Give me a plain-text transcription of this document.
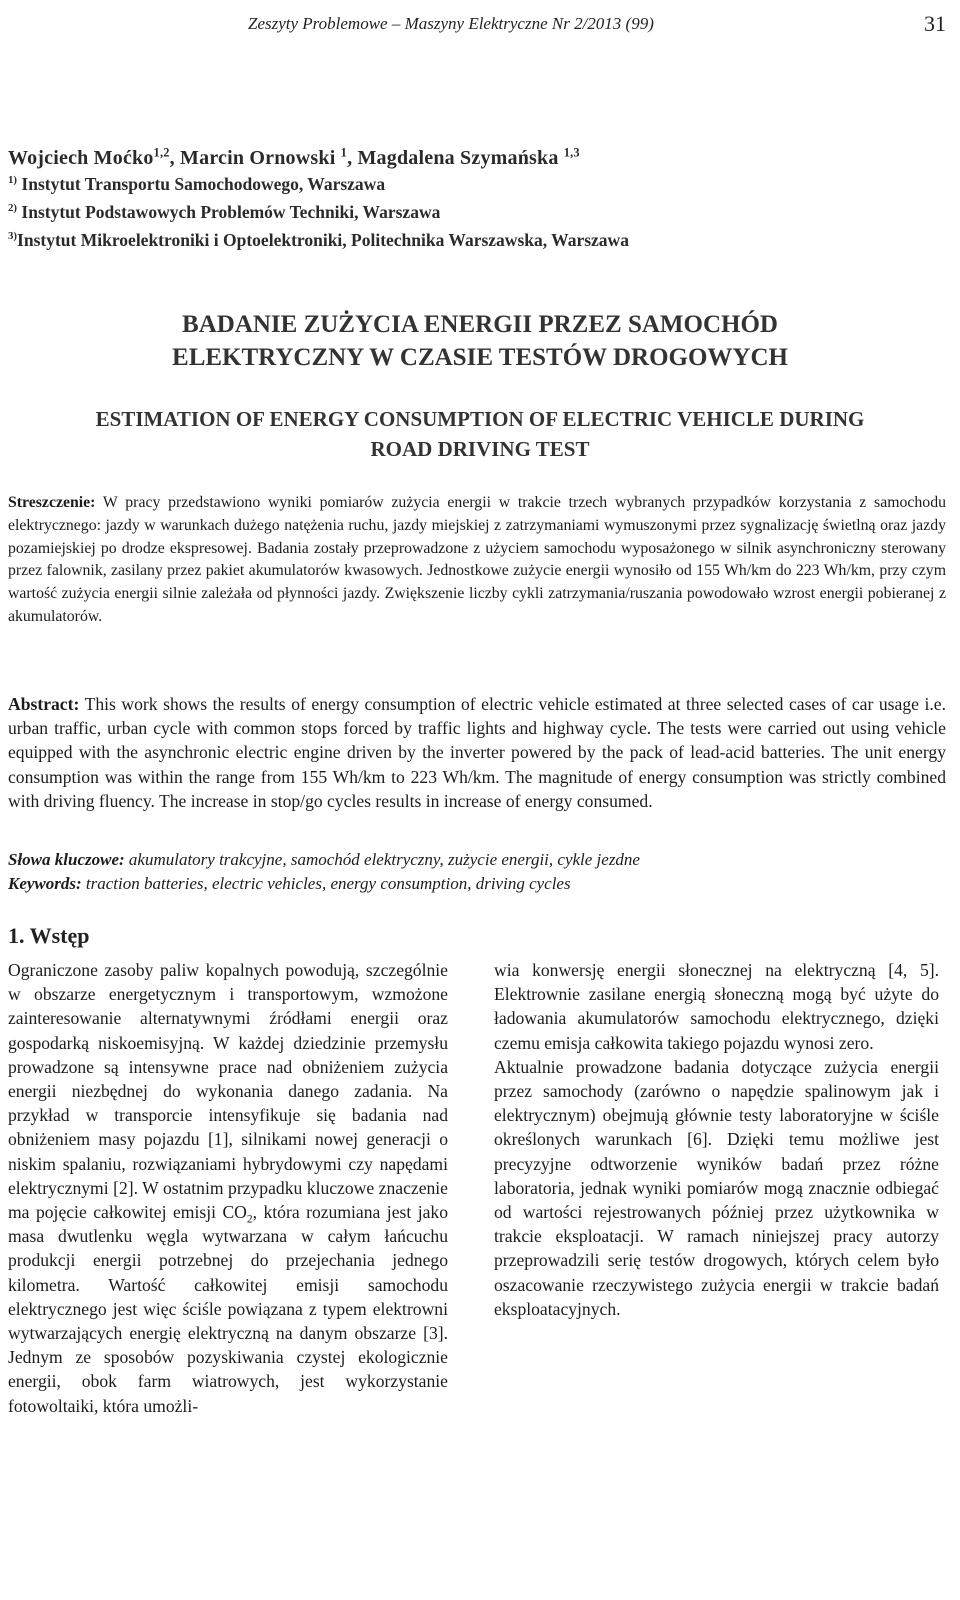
Zeszyty Problemowe – Maszyny Elektryczne Nr 2/2013 (99)	31
Wojciech Moćko$^{1,2}$, Marcin Ornowski $^1$, Magdalena Szymańska $^{1,3}$
$^{1)}$ Instytut Transportu Samochodowego, Warszawa
$^{2)}$ Instytut Podstawowych Problemów Techniki, Warszawa
$^{3)}$Instytut Mikroelektroniki i Optoelektroniki, Politechnika Warszawska, Warszawa
BADANIE ZUŻYCIA ENERGII PRZEZ SAMOCHÓD
ELEKTRYCZNY W CZASIE TESTÓW DROGOWYCH
ESTIMATION OF ENERGY CONSUMPTION OF ELECTRIC VEHICLE DURING
ROAD DRIVING TEST
Streszczenie: W pracy przedstawiono wyniki pomiarów zużycia energii w trakcie trzech wybranych przypadków korzystania z samochodu elektrycznego: jazdy w warunkach dużego natężenia ruchu, jazdy miejskiej z zatrzymaniami wymuszonymi przez sygnalizację świetlną oraz jazdy pozamiejskiej po drodze ekspresowej. Badania zostały przeprowadzone z użyciem samochodu wyposażonego w silnik asynchroniczny sterowany przez falownik, zasilany przez pakiet akumulatorów kwasowych. Jednostkowe zużycie energii wynosiło od 155 Wh/km do 223 Wh/km, przy czym wartość zużycia energii silnie zależała od płynności jazdy. Zwiększenie liczby cykli zatrzymania/ruszania powodowało wzrost energii pobieranej z akumulatorów.
Abstract: This work shows the results of energy consumption of electric vehicle estimated at three selected cases of car usage i.e. urban traffic, urban cycle with common stops forced by traffic lights and highway cycle. The tests were carried out using vehicle equipped with the asynchronic electric engine driven by the inverter powered by the pack of lead-acid batteries. The unit energy consumption was within the range from 155 Wh/km to 223 Wh/km. The magnitude of energy consumption was strictly combined with driving fluency. The increase in stop/go cycles results in increase of energy consumed.
Słowa kluczowe: akumulatory trakcyjne, samochód elektryczny, zużycie energii, cykle jezdne
Keywords: traction batteries, electric vehicles, energy consumption, driving cycles
1. Wstęp

Ograniczone zasoby paliw kopalnych powodują, szczególnie w obszarze energetycznym i transportowym, wzmożone zainteresowanie alternatywnymi źródłami energii oraz gospodarką niskoemisyjną. W każdej dziedzinie przemysłu prowadzone są intensywne prace nad obniżeniem zużycia energii niezbędnej do wykonania danego zadania. Na przykład w transporcie intensyfikuje się badania nad obniżeniem masy pojazdu [1], silnikami nowej generacji o niskim spalaniu, rozwiązaniami hybrydowymi czy napędami elektrycznymi [2]. W ostatnim przypadku kluczowe znaczenie ma pojęcie całkowitej emisji $CO_2$, która rozumiana jest jako masa dwutlenku węgla wytwarzana w całym łańcuchu produkcji energii potrzebnej do przejechania jednego kilometra. Wartość całkowitej emisji samochodu elektrycznego jest więc ściśle powiązana z typem elektrowni wytwarzających energię elektryczną na danym obszarze [3]. Jednym ze sposobów pozyskiwania czystej ekologicznie energii, obok farm wiatrowych, jest wykorzystanie fotowoltaiki, która umożli-

wia konwersję energii słonecznej na elektryczną [4, 5]. Elektrownie zasilane energią słoneczną mogą być użyte do ładowania akumulatorów samochodu elektrycznego, dzięki czemu emisja całkowita takiego pojazdu wynosi zero.

Aktualnie prowadzone badania dotyczące zużycia energii przez samochody (zarówno o napędzie spalinowym jak i elektrycznym) obejmują głównie testy laboratoryjne w ściśle określonych warunkach [6]. Dzięki temu możliwe jest precyzyjne odtworzenie wyników badań przez różne laboratoria, jednak wyniki pomiarów mogą znacznie odbiegać od wartości rejestrowanych później przez użytkownika w trakcie eksploatacji. W ramach niniejszej pracy autorzy przeprowadzili serię testów drogowych, których celem było oszacowanie rzeczywistego zużycia energii w trakcie badań eksploatacyjnych.
